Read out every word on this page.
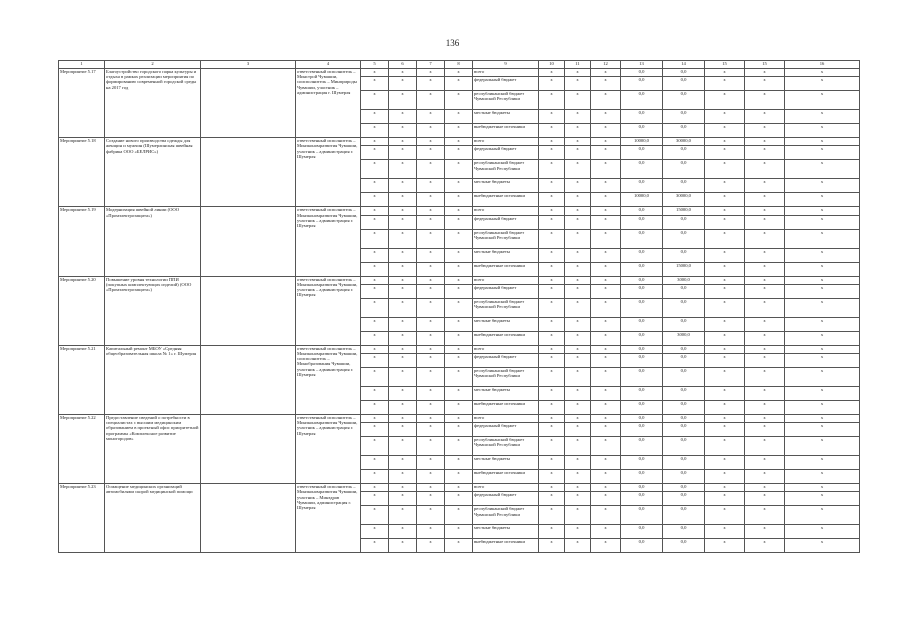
136
1	2	3	4	5	6	7	8	9	10	11	12	13	14	15	15	16
Мероприятие 5.17	Благоустройство городского парка культуры и отдыха в рамках реализации мероприятия по формированию современной городской среды на 2017 год		ответственный исполнитель – Минстрой Чувашии, соисполнитель – Минприроды Чувашии, участник – администрация г. Шумерля	x	x	x	x	всего	x	x	x	0,0	0,0	x	x	x
				x	x	x	x	федеральный бюджет	x	x	x	0,0	0,0	x	x	x
				x	x	x	x	республиканский бюджет Чувашской Республики	x	x	x	0,0	0,0	x	x	x
				x	x	x	x	местные бюджеты	x	x	x	0,0	0,0	x	x	x
				x	x	x	x	внебюджетные источники	x	x	x	0,0	0,0	x	x	x
Мероприятие 5.18	Создание нового производства одежды для женщин и мужчин (Шумерлинская швейная фабрика ООО «БЕЛРИС»)		ответственный исполнитель – Минэкономразвития Чувашии, участник – администрация г. Шумерля	x	x	x	x	всего	x	x	x	10000,0	30000,0	x	x	x
				x	x	x	x	федеральный бюджет	x	x	x	0,0	0,0	x	x	x
				x	x	x	x	республиканский бюджет Чувашской Республики	x	x	x	0,0	0,0	x	x	x
				x	x	x	x	местные бюджеты	x	x	x	0,0	0,0	x	x	x
				x	x	x	x	внебюджетные источники	x	x	x	10000,0	30000,0	x	x	x
Мероприятие 5.19	Модернизация швейной линии (ООО «Промэлектрозащита»)		ответственный исполнитель – Минэкономразвития Чувашии, участник – администрация г. Шумерля	x	x	x	x	всего	x	x	x	0,0	15000,0	x	x	x
				x	x	x	x	федеральный бюджет	x	x	x	0,0	0,0	x	x	x
				x	x	x	x	республиканский бюджет Чувашской Республики	x	x	x	0,0	0,0	x	x	x
				x	x	x	x	местные бюджеты	x	x	x	0,0	0,0	x	x	x
				x	x	x	x	внебюджетные источники	x	x	x	0,0	15000,0	x	x	x
Мероприятие 5.20	Повышение уровня технологии ППИ (покупных комплектующих изделий) (ООО «Промэлектрозащита»)		ответственный исполнитель – Минэкономразвития Чувашии, участник – администрация г. Шумерля	x	x	x	x	всего	x	x	x	0,0	3000,0	x	x	x
				x	x	x	x	федеральный бюджет	x	x	x	0,0	0,0	x	x	x
				x	x	x	x	республиканский бюджет Чувашской Республики	x	x	x	0,0	0,0	x	x	x
				x	x	x	x	местные бюджеты	x	x	x	0,0	0,0	x	x	x
				x	x	x	x	внебюджетные источники	x	x	x	0,0	3000,0	x	x	x
Мероприятие 5.21	Капитальный ремонт МБОУ «Средняя общеобразовательная школа № 1» г. Шумерля		ответственный исполнитель – Минэкономразвития Чувашии, соисполнитель – Минобразования Чувашии, участник – администрация г. Шумерля	x	x	x	x	всего	x	x	x	0,0	0,0	x	x	x
				x	x	x	x	федеральный бюджет	x	x	x	0,0	0,0	x	x	x
				x	x	x	x	республиканский бюджет Чувашской Республики	x	x	x	0,0	0,0	x	x	x
				x	x	x	x	местные бюджеты	x	x	x	0,0	0,0	x	x	x
				x	x	x	x	внебюджетные источники	x	x	x	0,0	0,0	x	x	x
Мероприятие 5.22	Предоставление сведений о потребности в специалистах с высшим медицинским образованием в проектный офис приоритетной программы «Комплексное развитие моногородов»		ответственный исполнитель – Минэкономразвития Чувашии, участник – администрация г. Шумерля	x	x	x	x	всего	x	x	x	0,0	0,0	x	x	x
				x	x	x	x	федеральный бюджет	x	x	x	0,0	0,0	x	x	x
				x	x	x	x	республиканский бюджет Чувашской Республики	x	x	x	0,0	0,0	x	x	x
				x	x	x	x	местные бюджеты	x	x	x	0,0	0,0	x	x	x
				x	x	x	x	внебюджетные источники	x	x	x	0,0	0,0	x	x	x
Мероприятие 5.23	Осмащение медицинских организаций автомобилями скорой медицинской помощи		ответственный исполнитель – Минэкономразвития Чувашии, участник – Минздрав Чувашии, администрация г. Шумерля	x	x	x	x	всего	x	x	x	0,0	0,0	x	x	x
				x	x	x	x	федеральный бюджет	x	x	x	0,0	0,0	x	x	x
				x	x	x	x	республиканский бюджет Чувашской Республики	x	x	x	0,0	0,0	x	x	x
				x	x	x	x	местные бюджеты	x	x	x	0,0	0,0	x	x	x
				x	x	x	x	внебюджетные источники	x	x	x	0,0	0,0	x	x	x
